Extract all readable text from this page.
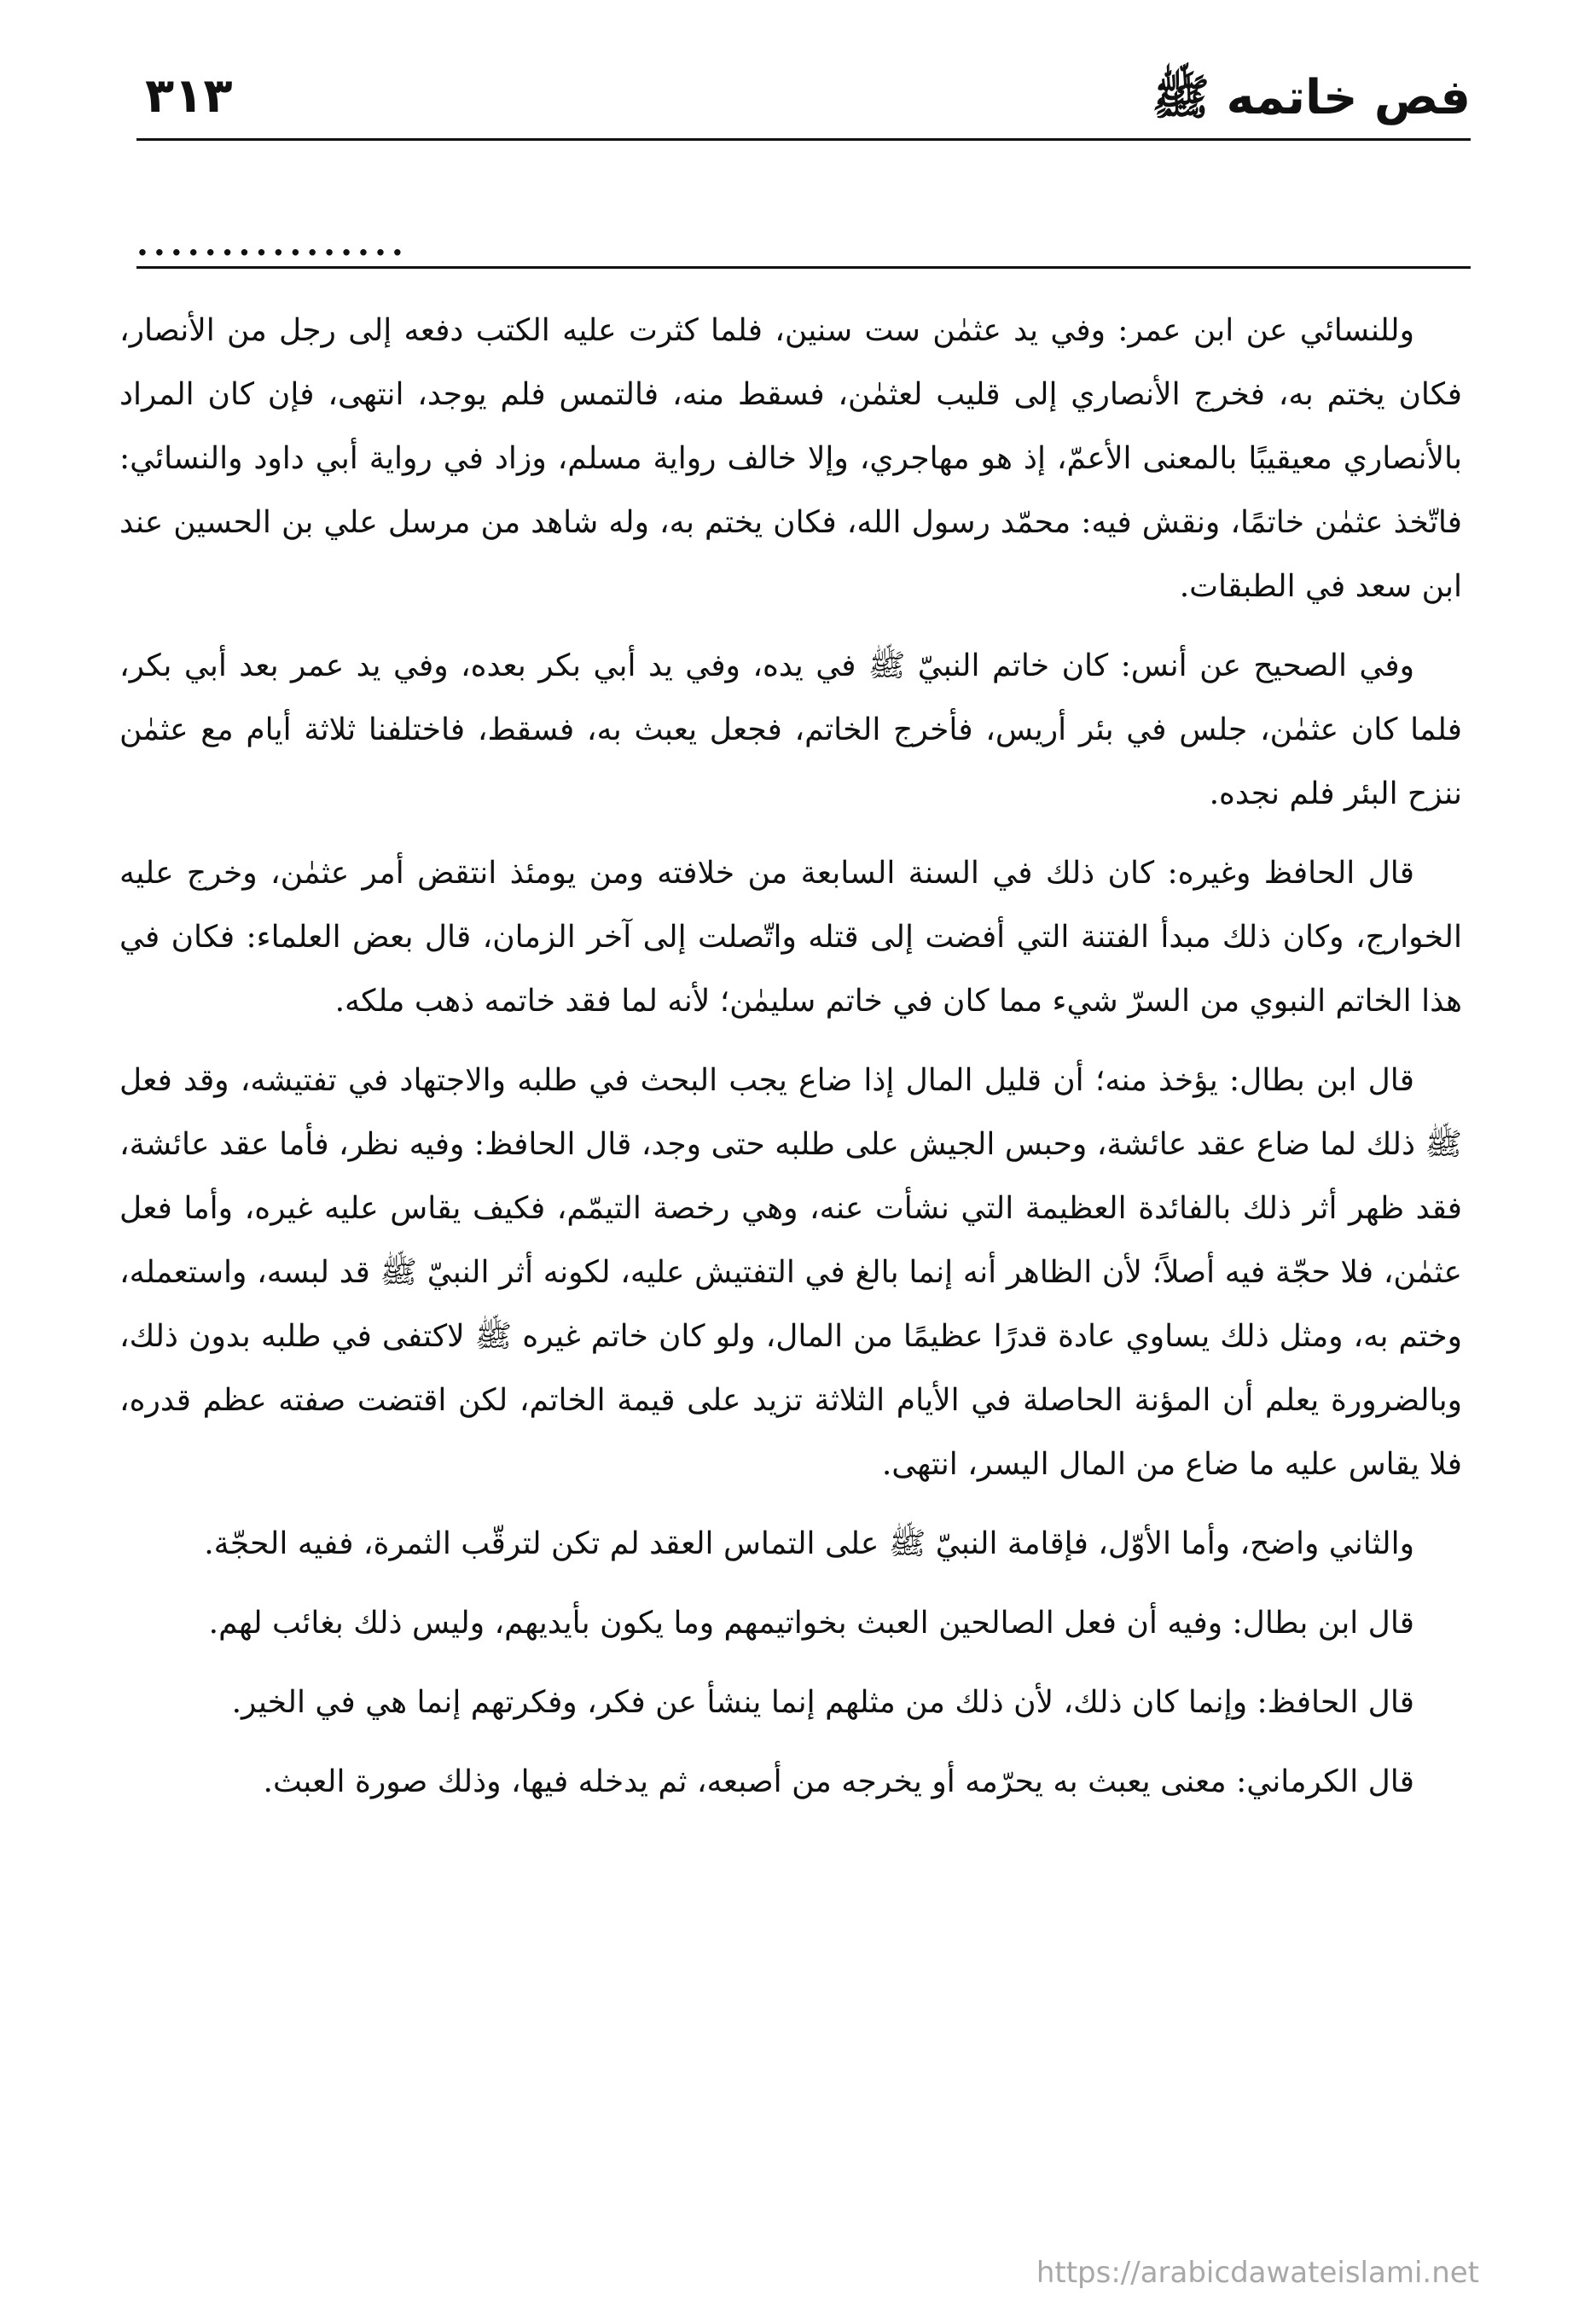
٣١٣	فص خاتمه ﷺ
................

وللنسائي عن ابن عمر: وفي يد عثمٰن ست سنين، فلما كثرت عليه الكتب دفعه إلى رجل من الأنصار، فكان يختم به، فخرج الأنصاري إلى قليب لعثمٰن، فسقط منه، فالتمس فلم يوجد، انتهى، فإن كان المراد بالأنصاري معيقيبًا بالمعنى الأعمّ، إذ هو مهاجري، وإلا خالف رواية مسلم، وزاد في رواية أبي داود والنسائي: فاتّخذ عثمٰن خاتمًا، ونقش فيه: محمّد رسول الله، فكان يختم به، وله شاهد من مرسل علي بن الحسين عند ابن سعد في الطبقات.

وفي الصحيح عن أنس: كان خاتم النبيّ ﷺ في يده، وفي يد أبي بكر بعده، وفي يد عمر بعد أبي بكر، فلما كان عثمٰن، جلس في بئر أريس، فأخرج الخاتم، فجعل يعبث به، فسقط، فاختلفنا ثلاثة أيام مع عثمٰن ننزح البئر فلم نجده.

قال الحافظ وغيره: كان ذلك في السنة السابعة من خلافته ومن يومئذ انتقض أمر عثمٰن، وخرج عليه الخوارج، وكان ذلك مبدأ الفتنة التي أفضت إلى قتله واتّصلت إلى آخر الزمان، قال بعض العلماء: فكان في هذا الخاتم النبوي من السرّ شيء مما كان في خاتم سليمٰن؛ لأنه لما فقد خاتمه ذهب ملكه.

قال ابن بطال: يؤخذ منه؛ أن قليل المال إذا ضاع يجب البحث في طلبه والاجتهاد في تفتيشه، وقد فعل ﷺ ذلك لما ضاع عقد عائشة، وحبس الجيش على طلبه حتى وجد، قال الحافظ: وفيه نظر، فأما عقد عائشة، فقد ظهر أثر ذلك بالفائدة العظيمة التي نشأت عنه، وهي رخصة التيمّم، فكيف يقاس عليه غيره، وأما فعل عثمٰن، فلا حجّة فيه أصلاً؛ لأن الظاهر أنه إنما بالغ في التفتيش عليه، لكونه أثر النبيّ ﷺ قد لبسه، واستعمله، وختم به، ومثل ذلك يساوي عادة قدرًا عظيمًا من المال، ولو كان خاتم غيره ﷺ لاكتفى في طلبه بدون ذلك، وبالضرورة يعلم أن المؤنة الحاصلة في الأيام الثلاثة تزيد على قيمة الخاتم، لكن اقتضت صفته عظم قدره، فلا يقاس عليه ما ضاع من المال اليسر، انتهى.

والثاني واضح، وأما الأوّل، فإقامة النبيّ ﷺ على التماس العقد لم تكن لترقّب الثمرة، ففيه الحجّة.

قال ابن بطال: وفيه أن فعل الصالحين العبث بخواتيمهم وما يكون بأيديهم، وليس ذلك بغائب لهم.

قال الحافظ: وإنما كان ذلك، لأن ذلك من مثلهم إنما ينشأ عن فكر، وفكرتهم إنما هي في الخير.

قال الكرماني: معنى يعبث به يحرّمه أو يخرجه من أصبعه، ثم يدخله فيها، وذلك صورة العبث.

https://arabicdawateislami.net
